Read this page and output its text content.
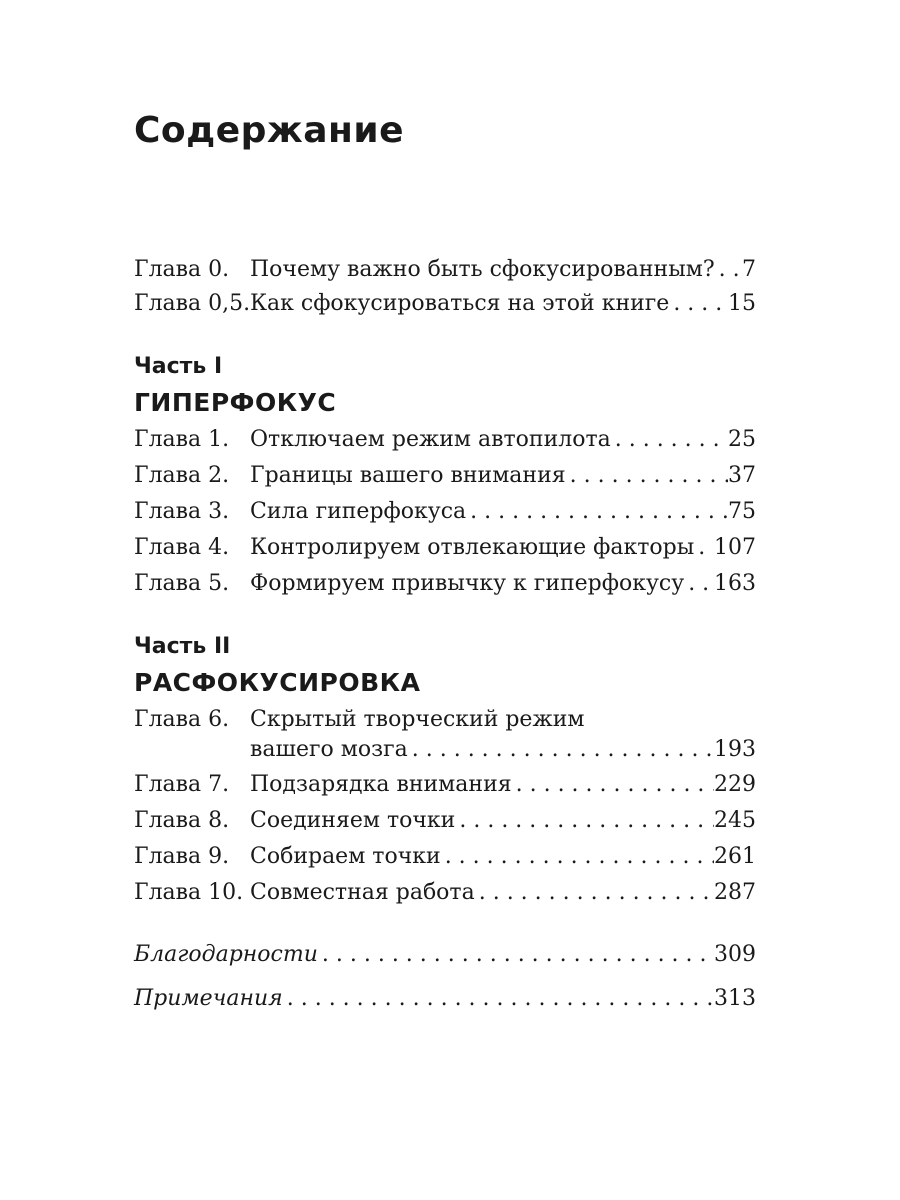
Содержание
Глава 0. Почему важно быть сфокусированным? . . . 7
Глава 0,5. Как сфокусироваться на этой книге . . .	15
Часть I
ГИПЕРФОКУС
Глава 1. Отключаем режим автопилота . . .	25
Глава 2. Границы вашего внимания . . .	37
Глава 3. Сила гиперфокуса . . .	75
Глава 4. Контролируем отвлекающие факторы . . . 107
Глава 5. Формируем привычку к гиперфокусу . . . 163
Часть II
РАСФОКУСИРОВКА
Глава 6. Скрытый творческий режим
вашего мозга . . .	193
Глава 7. Подзарядка внимания . . .	229
Глава 8. Соединяем точки . . .	245
Глава 9. Собираем точки . . .	261
Глава 10. Совместная работа . . .	287
Благодарности . . .	309
Примечания . . .	313
